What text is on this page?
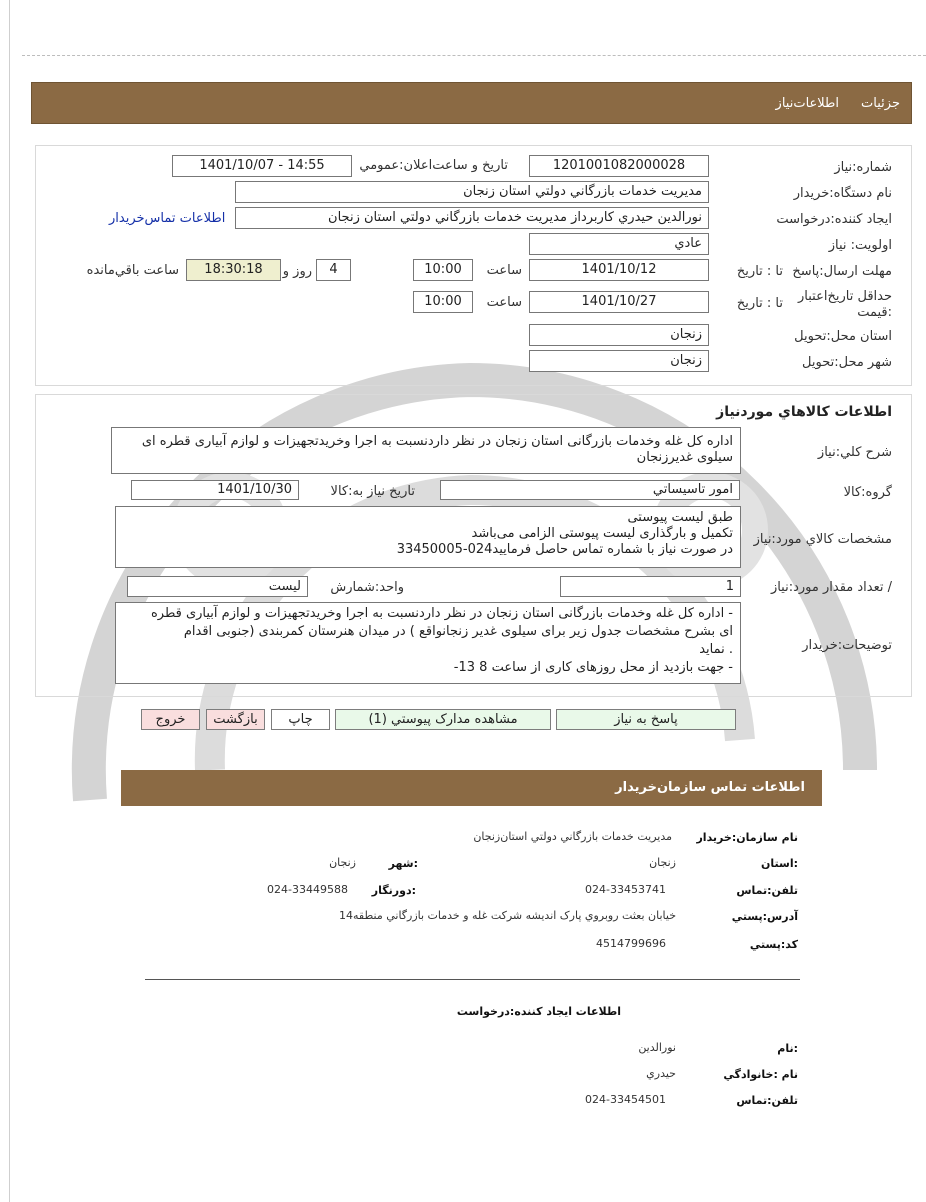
اطلاعات‌نياز جزئيات
شماره:نياز
1201001082000028
تاريخ و ساعت‌اعلان:عمومي
1401/10/07 - 14:55
نام دستگاه:خريدار
مديريت خدمات بازرگاني دولتي استان زنجان
ايجاد کننده:درخواست
نورالدين حيدري کاربرداز مديريت خدمات بازرگاني دولتي استان زنجان
اطلاعات تماس‌خريدار
اولويت: نياز
عادي
مهلت ارسال:پاسخ
تا : تاريخ
1401/10/12
ساعت
10:00
4
روز و
18:30:18
ساعت باقي‌مانده
حداقل تاريخ‌اعتبار
:قيمت
تا : تاريخ
1401/10/27
ساعت
10:00
استان محل:تحويل
زنجان
شهر محل:تحويل
زنجان
اطلاعات کالاهاي موردنياز
شرح کلي:نياز
اداره کل غله وخدمات بازرگانی استان زنجان در نظر داردنسبت به اجرا وخریدتجهیزات و لوازم آبیاری قطره ای
سیلوی غدیرزنجان
گروه:کالا
امور تاسيساتي
تاريخ نياز به:کالا
1401/10/30
مشخصات کالاي مورد:نياز
طبق لیست پیوستی
تکمیل و بارگذاری لیست پیوستی الزامی می‌باشد
در صورت نیاز با شماره تماس حاصل فرمایید024-33450005
/ تعداد مقدار مورد:نياز
1
واحد:شمارش
ليست
توضيحات:خريدار
- اداره کل غله وخدمات بازرگانی استان زنجان در نظر داردنسبت به اجرا وخریدتجهیزات و لوازم آبیاری قطره
ای بشرح مشخصات جدول زیر برای سیلوی غدیر زنجانواقع ) در میدان هنرستان کمربندی (جنوبی اقدام
. نماید
- جهت بازدید از محل روزهای کاری از ساعت 8 13-
پاسخ به نياز
مشاهده مدارک پيوستي (1)
چاپ
بازگشت
خروج
اطلاعات تماس سازمان‌خريدار
نام سازمان:خريدار
مديريت خدمات بازرگاني دولتي استان‌زنجان
:استان
زنجان
:شهر
زنجان
تلفن:تماس
024-33453741
:دورنگار
024-33449588
آدرس:پستي
خيابان بعثت روبروي پارک انديشه شرکت غله و خدمات بازرگاني منطقه14
کد:پستي
4514799696
اطلاعات ايجاد کننده:درخواست
:نام
نورالدين
نام :خانوادگي
حيدري
تلفن:تماس
024-33454501
